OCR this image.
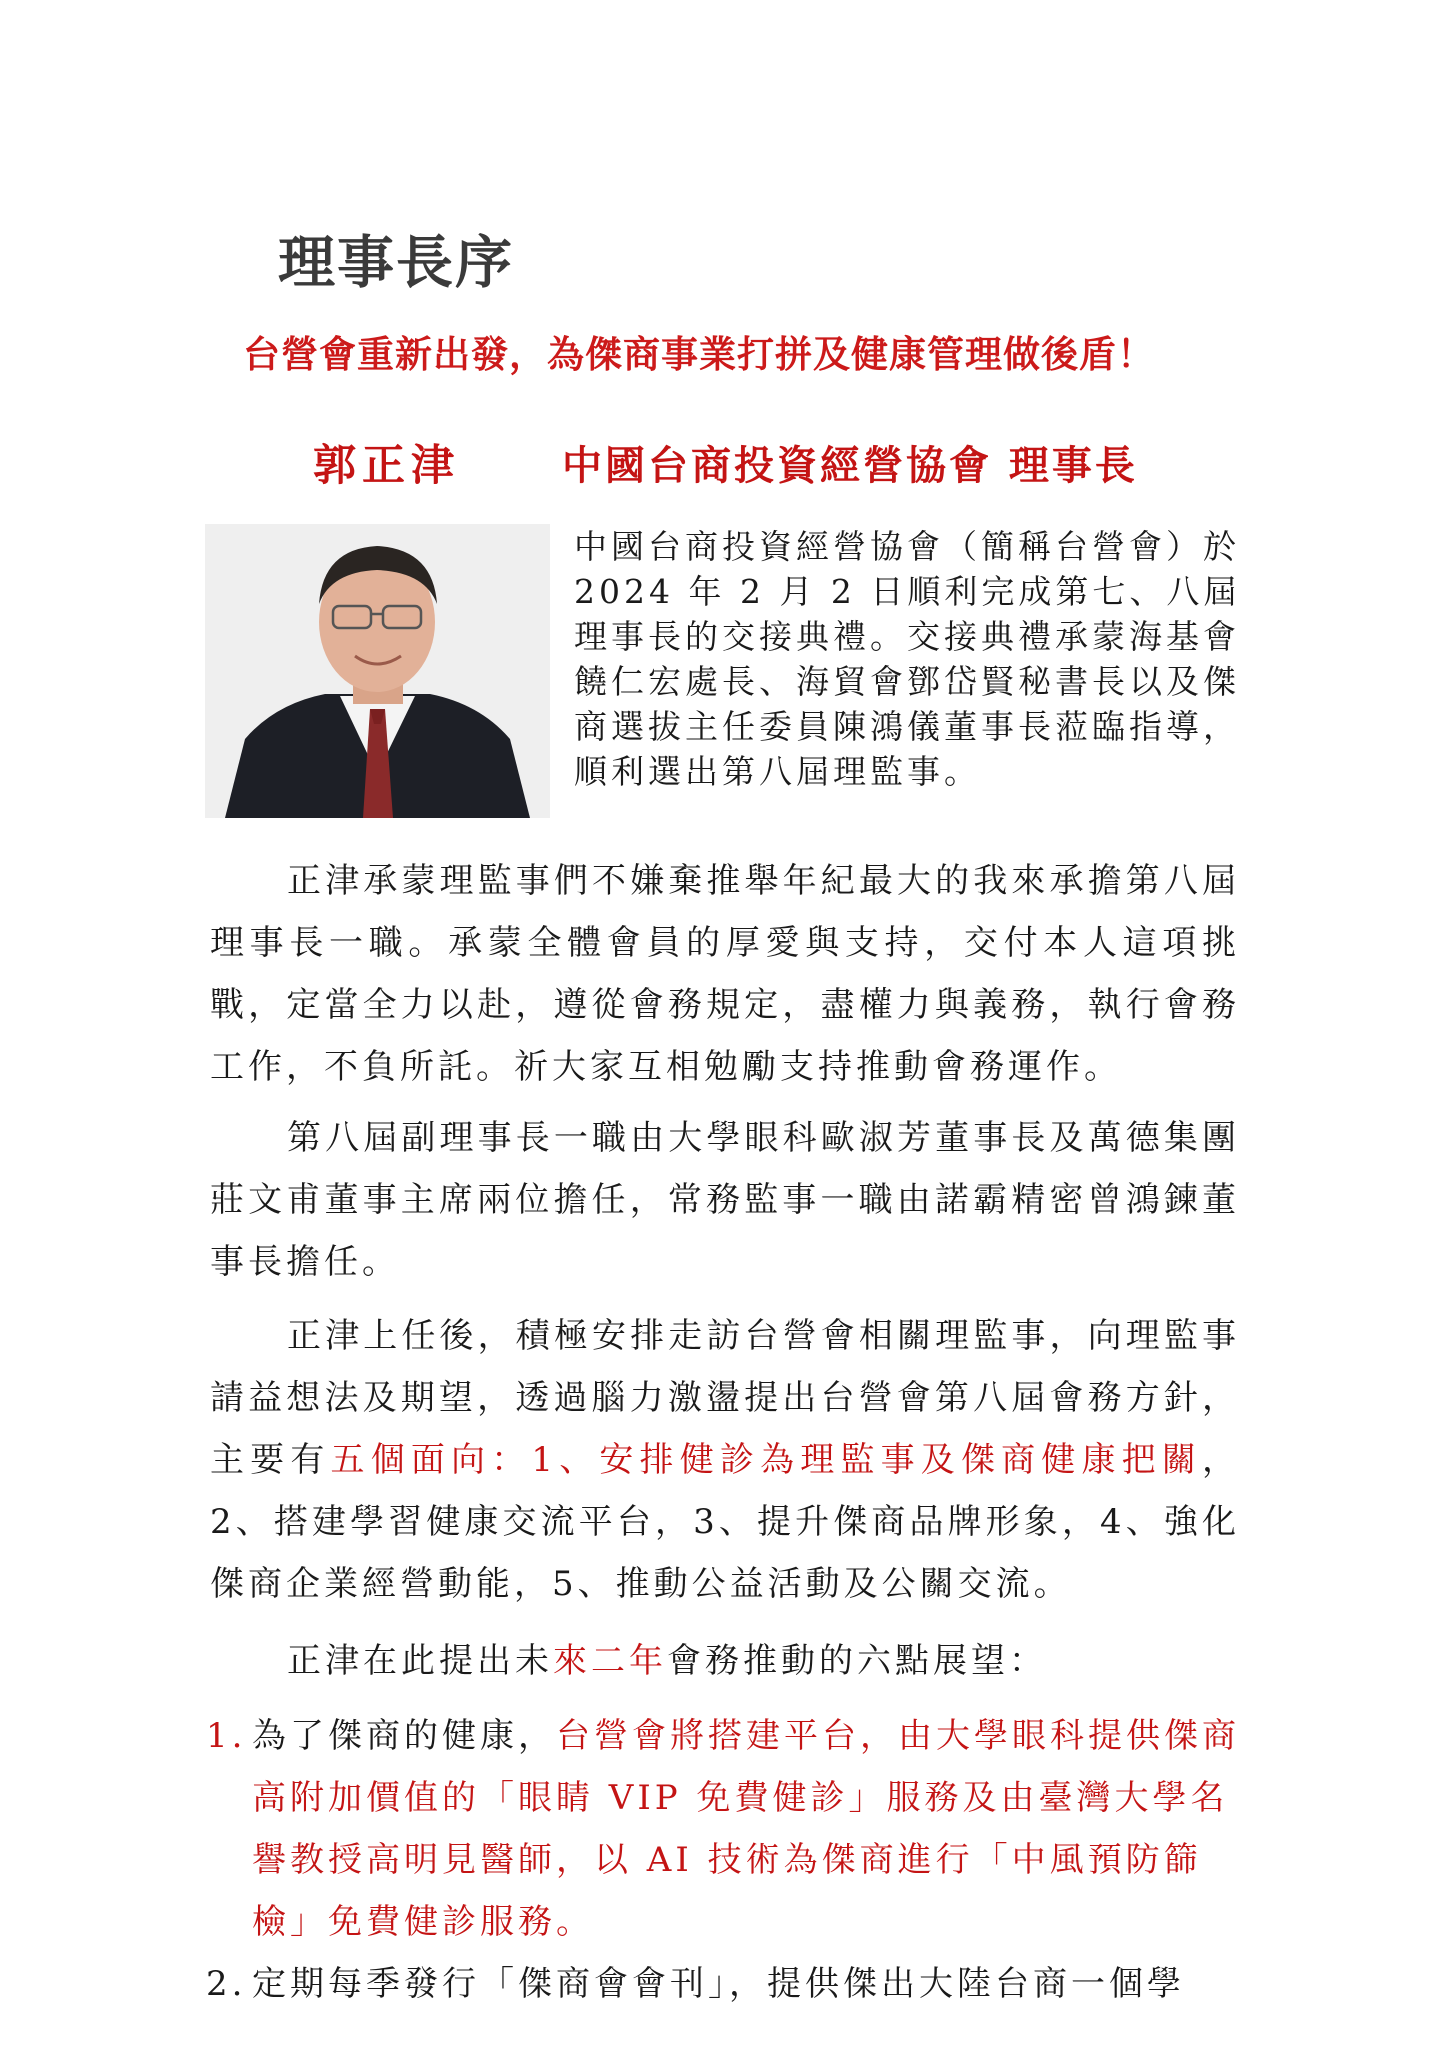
理事長序
台營會重新出發，為傑商事業打拼及健康管理做後盾！
郭正津	中國台商投資經營協會 理事長
中國台商投資經營協會（簡稱台營會）於 2024 年 2 月 2 日順利完成第七、八屆理事長的交接典禮。交接典禮承蒙海基會饒仁宏處長、海貿會鄧岱賢秘書長以及傑商選拔主任委員陳鴻儀董事長蒞臨指導，順利選出第八屆理監事。
正津承蒙理監事們不嫌棄推舉年紀最大的我來承擔第八屆理事長一職。承蒙全體會員的厚愛與支持，交付本人這項挑戰，定當全力以赴，遵從會務規定，盡權力與義務，執行會務工作，不負所託。祈大家互相勉勵支持推動會務運作。
第八屆副理事長一職由大學眼科歐淑芳董事長及萬德集團莊文甫董事主席兩位擔任，常務監事一職由諾霸精密曾鴻鍊董事長擔任。
正津上任後，積極安排走訪台營會相關理監事，向理監事請益想法及期望，透過腦力激盪提出台營會第八屆會務方針，主要有五個面向：1、安排健診為理監事及傑商健康把關，2、搭建學習健康交流平台，3、提升傑商品牌形象，4、強化傑商企業經營動能，5、推動公益活動及公關交流。
正津在此提出未來二年會務推動的六點展望：
1. 為了傑商的健康，台營會將搭建平台，由大學眼科提供傑商高附加價值的「眼睛 VIP 免費健診」服務及由臺灣大學名譽教授高明見醫師，以 AI 技術為傑商進行「中風預防篩檢」免費健診服務。
2. 定期每季發行「傑商會會刊」，提供傑出大陸台商一個學
